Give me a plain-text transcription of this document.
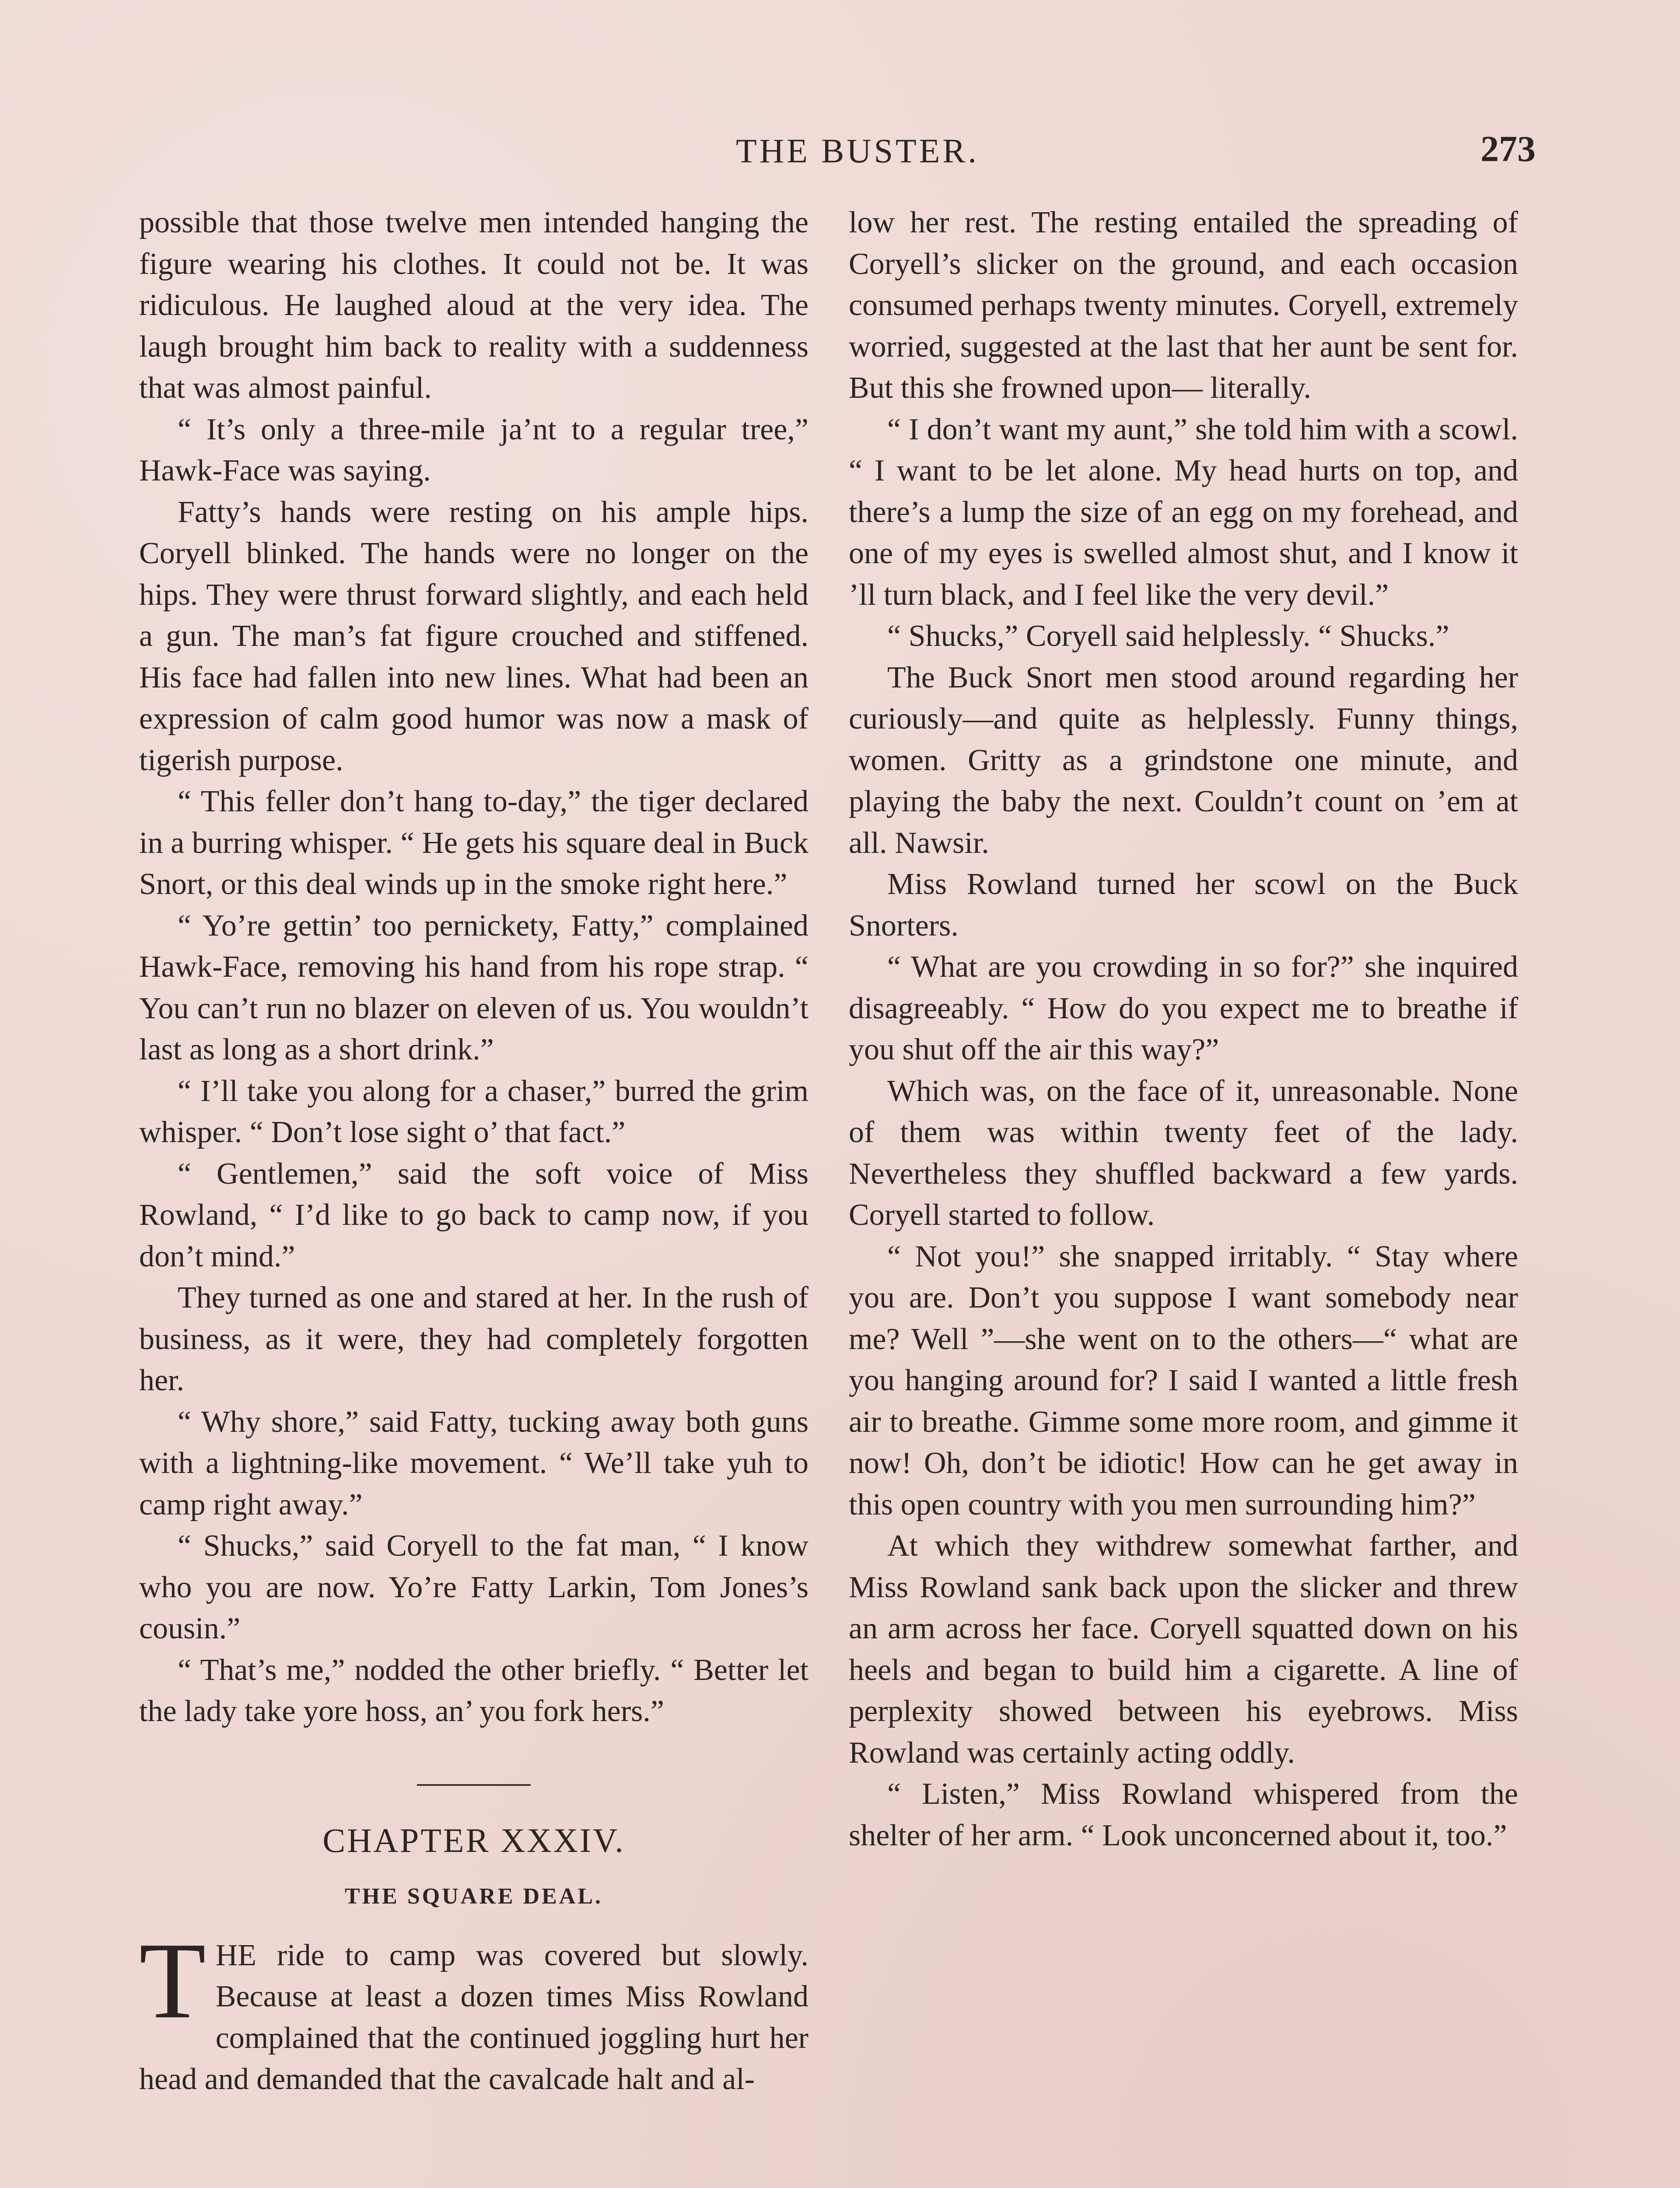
THE BUSTER.	273

possible that those twelve men intended hanging the figure wearing his clothes. It could not be. It was ridiculous. He laughed aloud at the very idea. The laugh brought him back to reality with a suddenness that was almost painful.

“ It’s only a three-mile ja’nt to a regular tree,” Hawk-Face was saying.

Fatty’s hands were resting on his ample hips. Coryell blinked. The hands were no longer on the hips. They were thrust forward slightly, and each held a gun. The man’s fat figure crouched and stiffened. His face had fallen into new lines. What had been an expression of calm good humor was now a mask of tigerish purpose.

“ This feller don’t hang to-day,” the tiger declared in a burring whisper. “ He gets his square deal in Buck Snort, or this deal winds up in the smoke right here.”

“ Yo’re gettin’ too pernickety, Fatty,” complained Hawk-Face, removing his hand from his rope strap. “ You can’t run no blazer on eleven of us. You wouldn’t last as long as a short drink.”

“ I’ll take you along for a chaser,” burred the grim whisper. “ Don’t lose sight o’ that fact.”

“ Gentlemen,” said the soft voice of Miss Rowland, “ I’d like to go back to camp now, if you don’t mind.”

They turned as one and stared at her. In the rush of business, as it were, they had completely forgotten her.

“ Why shore,” said Fatty, tucking away both guns with a lightning-like movement. “ We’ll take yuh to camp right away.”

“ Shucks,” said Coryell to the fat man, “ I know who you are now. Yo’re Fatty Larkin, Tom Jones’s cousin.”

“ That’s me,” nodded the other briefly. “ Better let the lady take yore hoss, an’ you fork hers.”

CHAPTER XXXIV.
THE SQUARE DEAL.

T HE ride to camp was covered but slowly. Because at least a dozen times Miss Rowland complained that the continued joggling hurt her head and demanded that the cavalcade halt and al-

low her rest. The resting entailed the spreading of Coryell’s slicker on the ground, and each occasion consumed perhaps twenty minutes. Coryell, extremely worried, suggested at the last that her aunt be sent for. But this she frowned upon— literally.

“ I don’t want my aunt,” she told him with a scowl. “ I want to be let alone. My head hurts on top, and there’s a lump the size of an egg on my forehead, and one of my eyes is swelled almost shut, and I know it ’ll turn black, and I feel like the very devil.”

“ Shucks,” Coryell said helplessly. “ Shucks.”

The Buck Snort men stood around regarding her curiously—and quite as helplessly. Funny things, women. Gritty as a grindstone one minute, and playing the baby the next. Couldn’t count on ’em at all. Nawsir.

Miss Rowland turned her scowl on the Buck Snorters.

“ What are you crowding in so for?” she inquired disagreeably. “ How do you expect me to breathe if you shut off the air this way?”

Which was, on the face of it, unreasonable. None of them was within twenty feet of the lady. Nevertheless they shuffled backward a few yards. Coryell started to follow.

“ Not you!” she snapped irritably. “ Stay where you are. Don’t you suppose I want somebody near me? Well ”—she went on to the others—“ what are you hanging around for? I said I wanted a little fresh air to breathe. Gimme some more room, and gimme it now! Oh, don’t be idiotic! How can he get away in this open country with you men surrounding him?”

At which they withdrew somewhat farther, and Miss Rowland sank back upon the slicker and threw an arm across her face. Coryell squatted down on his heels and began to build him a cigarette. A line of perplexity showed between his eyebrows. Miss Rowland was certainly acting oddly.

“ Listen,” Miss Rowland whispered from the shelter of her arm. “ Look unconcerned about it, too.”
